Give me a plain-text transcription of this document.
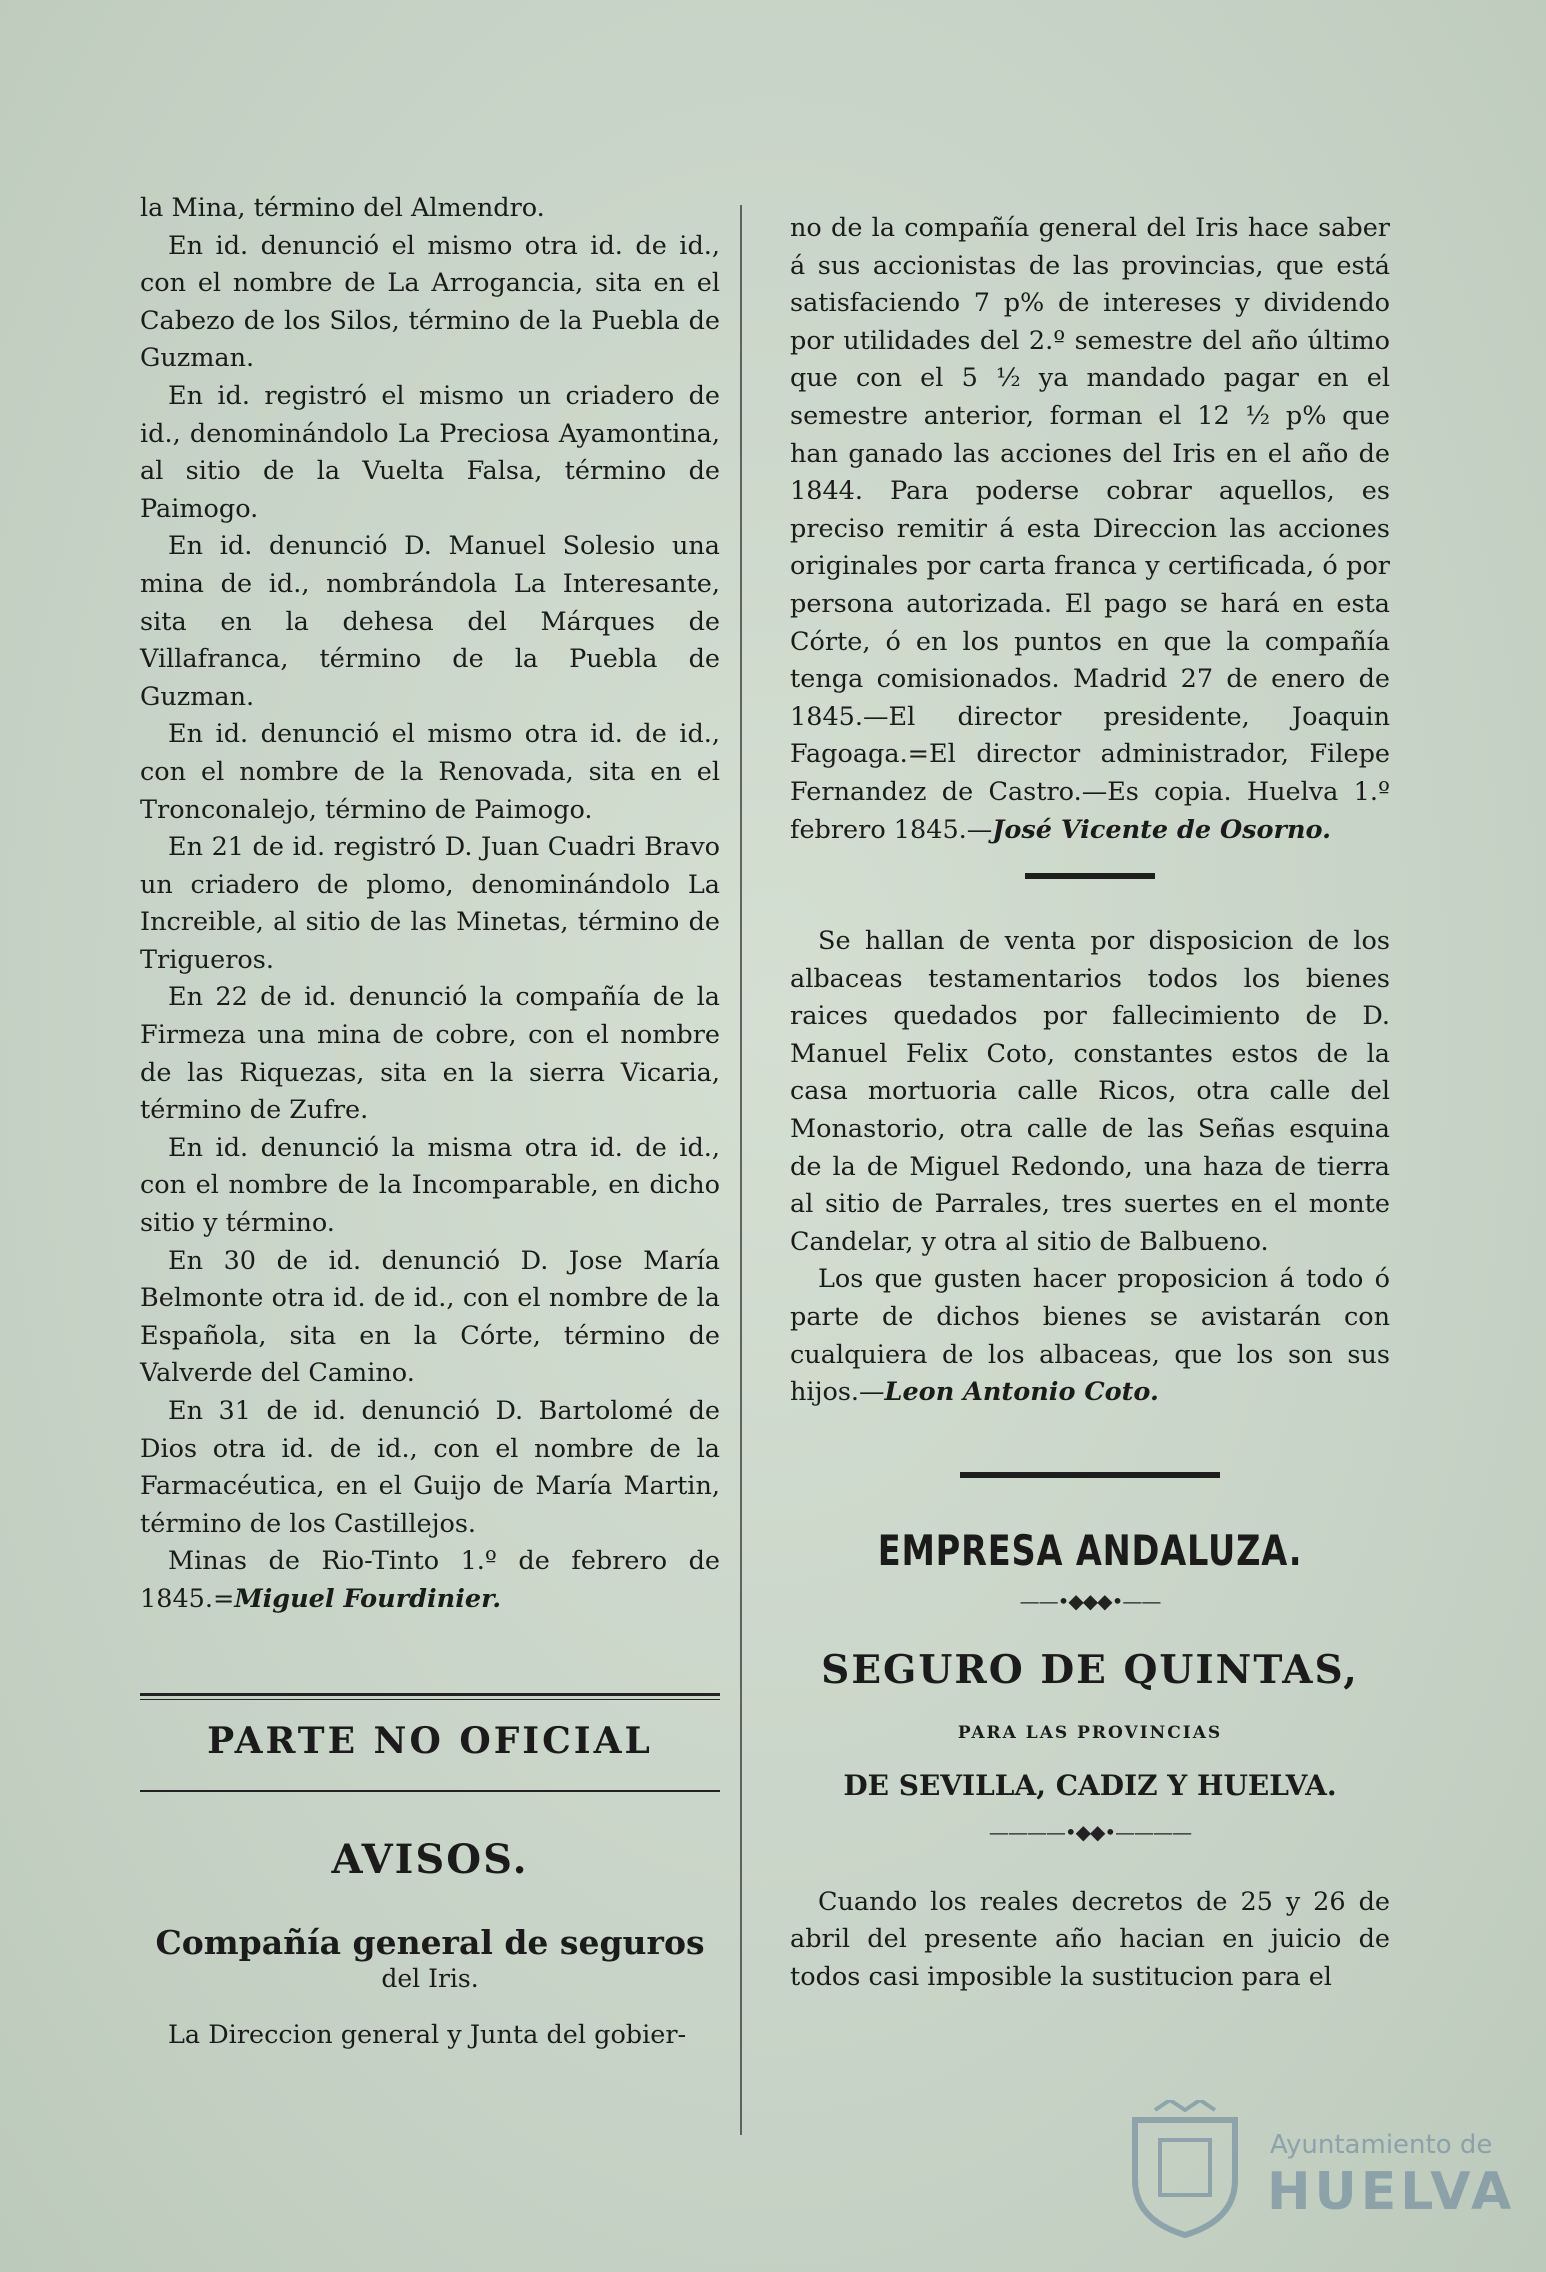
la Mina, término del Almendro.

En id. denunció el mismo otra id. de id., con el nombre de La Arrogancia, sita en el Cabezo de los Silos, término de la Puebla de Guzman.

En id. registró el mismo un criadero de id., denominándolo La Preciosa Ayamontina, al sitio de la Vuelta Falsa, término de Paimogo.

En id. denunció D. Manuel Solesio una mina de id., nombrándola La Interesante, sita en la dehesa del Márques de Villafranca, término de la Puebla de Guzman.

En id. denunció el mismo otra id. de id., con el nombre de la Renovada, sita en el Tronconalejo, término de Paimogo.

En 21 de id. registró D. Juan Cuadri Bravo un criadero de plomo, denominándolo La Increible, al sitio de las Minetas, término de Trigueros.

En 22 de id. denunció la compañía de la Firmeza una mina de cobre, con el nombre de las Riquezas, sita en la sierra Vicaria, término de Zufre.

En id. denunció la misma otra id. de id., con el nombre de la Incomparable, en dicho sitio y término.

En 30 de id. denunció D. Jose María Belmonte otra id. de id., con el nombre de la Española, sita en la Córte, término de Valverde del Camino.

En 31 de id. denunció D. Bartolomé de Dios otra id. de id., con el nombre de la Farmacéutica, en el Guijo de María Martin, término de los Castillejos.

Minas de Rio-Tinto 1.º de febrero de 1845.=Miguel Fourdinier.

PARTE NO OFICIAL
AVISOS.
Compañía general de seguros
del Iris.

La Direccion general y Junta del gobier-

no de la compañía general del Iris hace saber á sus accionistas de las provincias, que está satisfaciendo 7 p% de intereses y dividendo por utilidades del 2.º semestre del año último que con el 5 ½ ya mandado pagar en el semestre anterior, forman el 12 ½ p% que han ganado las acciones del Iris en el año de 1844. Para poderse cobrar aquellos, es preciso remitir á esta Direccion las acciones originales por carta franca y certificada, ó por persona autorizada. El pago se hará en esta Córte, ó en los puntos en que la compañía tenga comisionados. Madrid 27 de enero de 1845.—El director presidente, Joaquin Fagoaga.=El director administrador, Filepe Fernandez de Castro.—Es copia. Huelva 1.º febrero 1845.—José Vicente de Osorno.

Se hallan de venta por disposicion de los albaceas testamentarios todos los bienes raices quedados por fallecimiento de D. Manuel Felix Coto, constantes estos de la casa mortuoria calle Ricos, otra calle del Monastorio, otra calle de las Señas esquina de la de Miguel Redondo, una haza de tierra al sitio de Parrales, tres suertes en el monte Candelar, y otra al sitio de Balbueno.

Los que gusten hacer proposicion á todo ó parte de dichos bienes se avistarán con cualquiera de los albaceas, que los son sus hijos.—Leon Antonio Coto.

EMPRESA ANDALUZA.
——•◆◆◆•——
SEGURO DE QUINTAS,
PARA LAS PROVINCIAS
DE SEVILLA, CADIZ Y HUELVA.
————•◆◆•————

Cuando los reales decretos de 25 y 26 de abril del presente año hacian en juicio de todos casi imposible la sustitucion para el

Ayuntamiento de
HUELVA
